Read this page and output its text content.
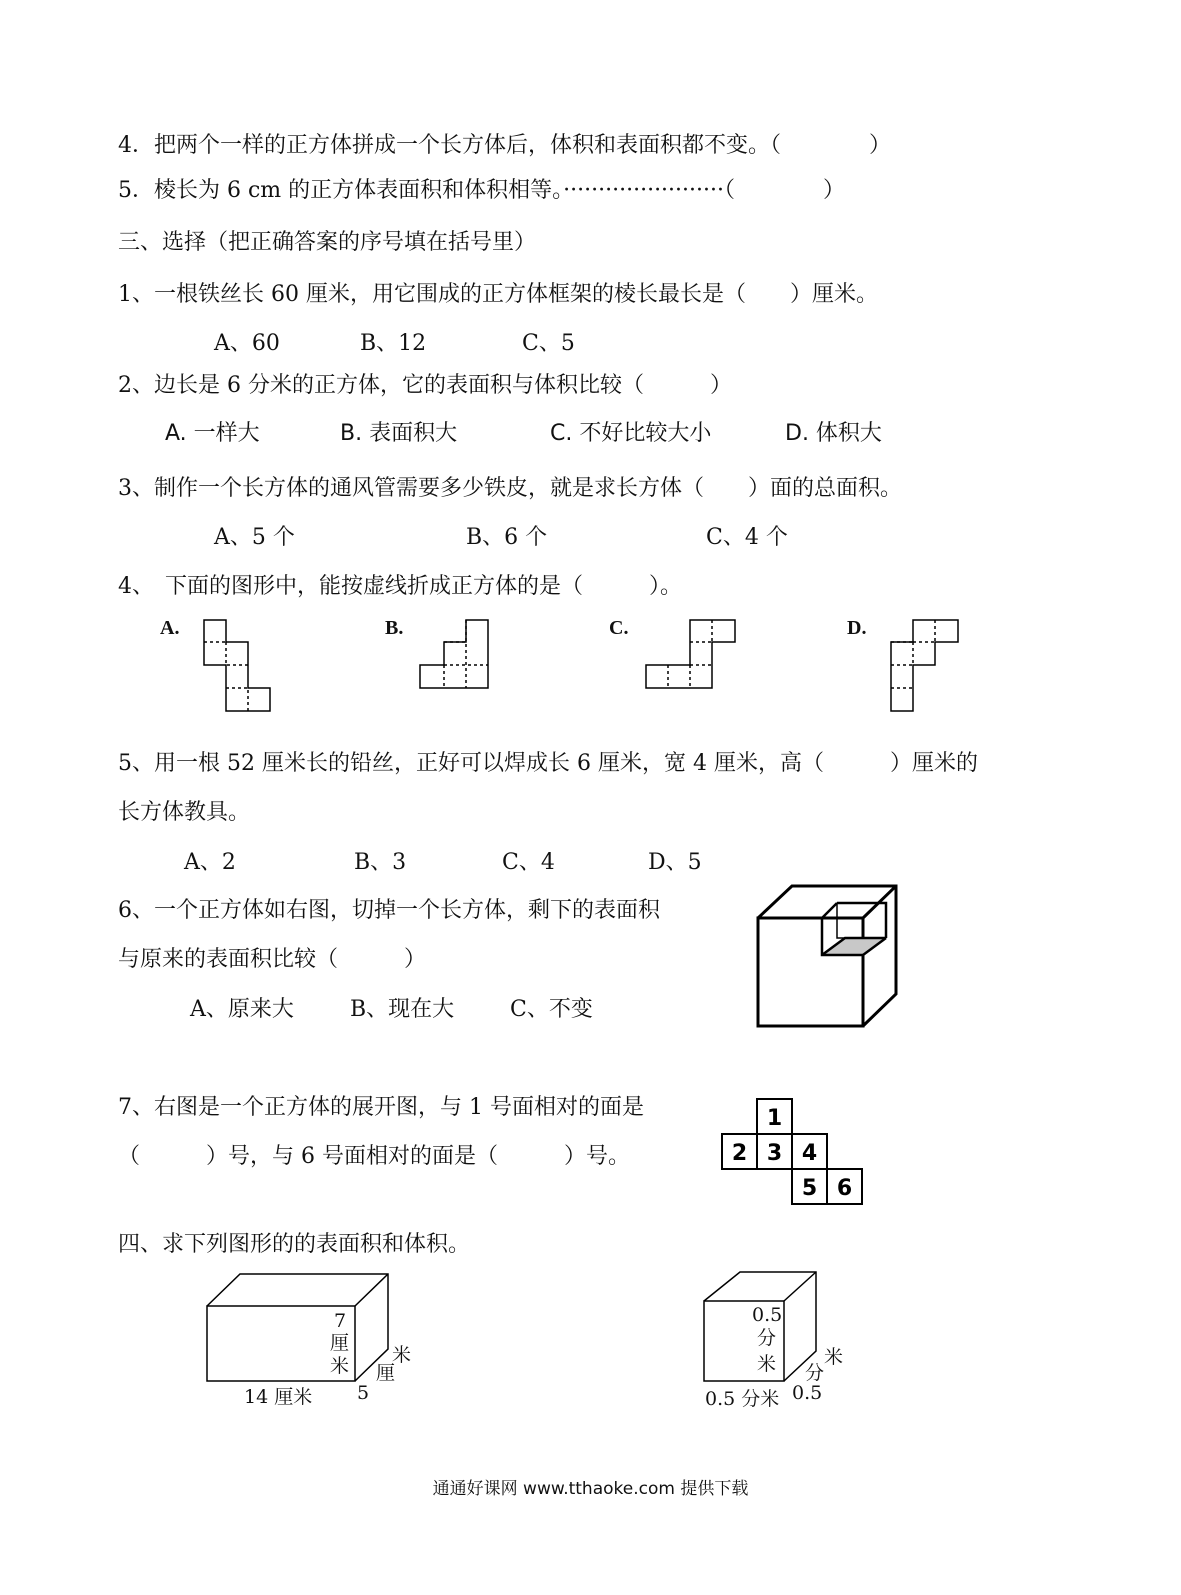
4．把两个一样的正方体拼成一个长方体后，体积和表面积都不变。（　　　　）
5．棱长为 6 cm 的正方体表面积和体积相等。·······················（　　　　）
三、选择（把正确答案的序号填在括号里）
1、一根铁丝长 60 厘米，用它围成的正方体框架的棱长最长是（　　）厘米。
A、60	B、12	C、5
2、边长是 6 分米的正方体，它的表面积与体积比较（　　　）
A. 一样大	B. 表面积大	C. 不好比较大小	D. 体积大
3、制作一个长方体的通风管需要多少铁皮，就是求长方体（　　）面的总面积。
A、5 个	B、6 个	C、4 个
4、　下面的图形中，能按虚线折成正方体的是（　　　）。
A.	B.	C.	D.
5、用一根 52 厘米长的铅丝，正好可以焊成长 6 厘米，宽 4 厘米，高（　　　）厘米的
长方体教具。
A、2	B、3	C、4	D、5
6、一个正方体如右图，切掉一个长方体，剩下的表面积
与原来的表面积比较（　　　）
A、原来大	B、现在大	C、不变
7、右图是一个正方体的展开图，与 1 号面相对的面是
（　　　）号，与 6 号面相对的面是（　　　）号。
1
2 3 4
5 6
四、求下列图形的的表面积和体积。
14 厘米
7
厘
米
5
厘
米
0.5 分米
0.5
分
米
0.5
分
米
通通好课网 www.tthaoke.com 提供下载
